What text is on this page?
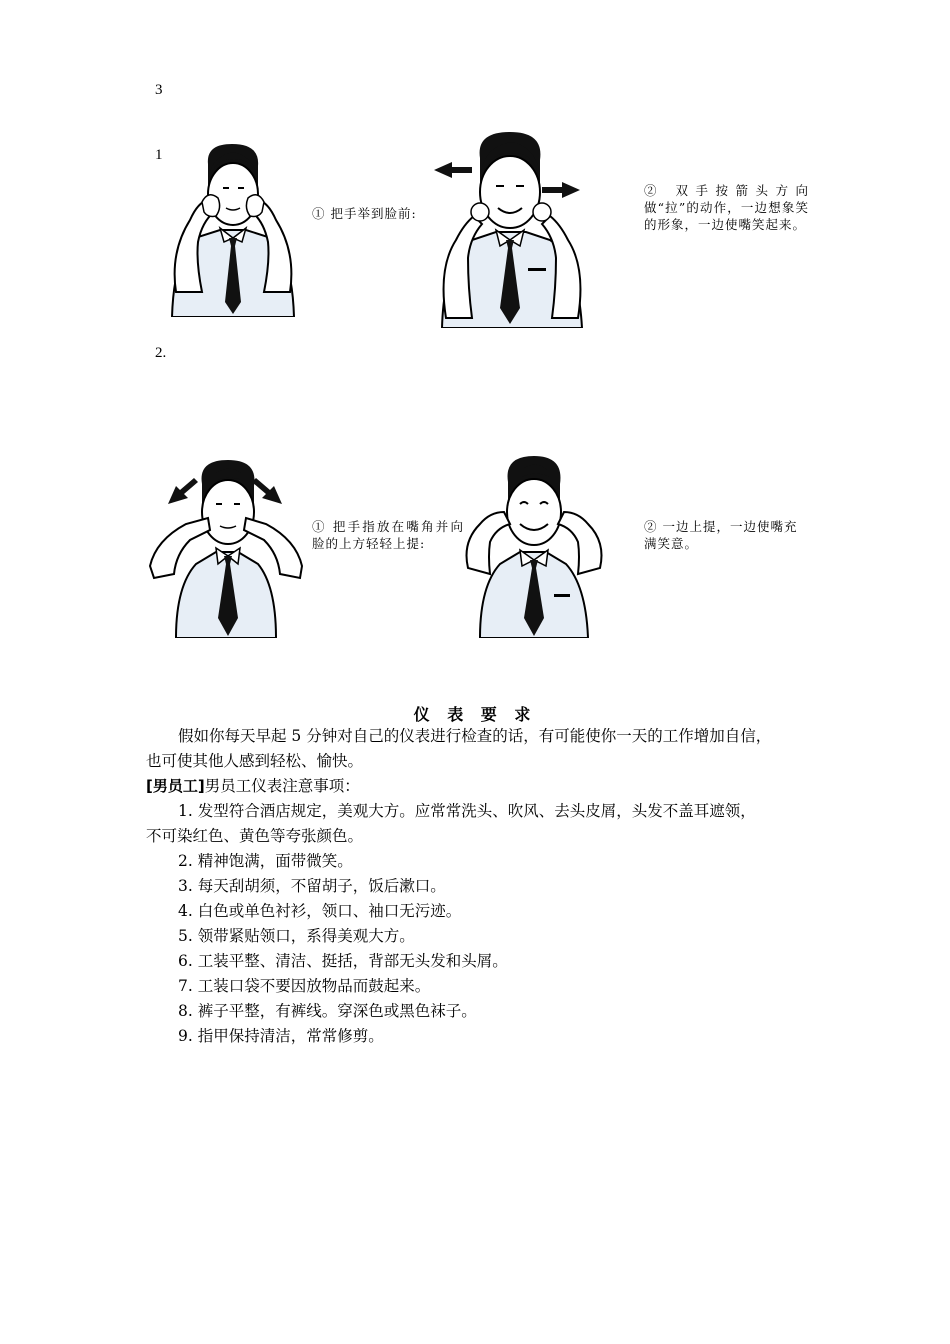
3
1
2.
① 把手举到脸前:
② 双手按箭头方向做“拉”的动作，一边想象笑的形象，一边使嘴笑起来。
① 把手指放在嘴角并向脸的上方轻轻上提:
② 一边上提，一边使嘴充满笑意。
仪 表 要 求
假如你每天早起 5 分钟对自己的仪表进行检查的话，有可能使你一天的工作增加自信，
也可使其他人感到轻松、愉快。
[男员工]男员工仪表注意事项：
1. 发型符合酒店规定，美观大方。应常常洗头、吹风、去头皮屑，头发不盖耳遮领，
不可染红色、黄色等夸张颜色。
2. 精神饱满，面带微笑。
3. 每天刮胡须，不留胡子，饭后漱口。
4. 白色或单色衬衫，领口、袖口无污迹。
5. 领带紧贴领口，系得美观大方。
6. 工装平整、清洁、挺括，背部无头发和头屑。
7. 工装口袋不要因放物品而鼓起来。
8. 裤子平整，有裤线。穿深色或黑色袜子。
9. 指甲保持清洁，常常修剪。
